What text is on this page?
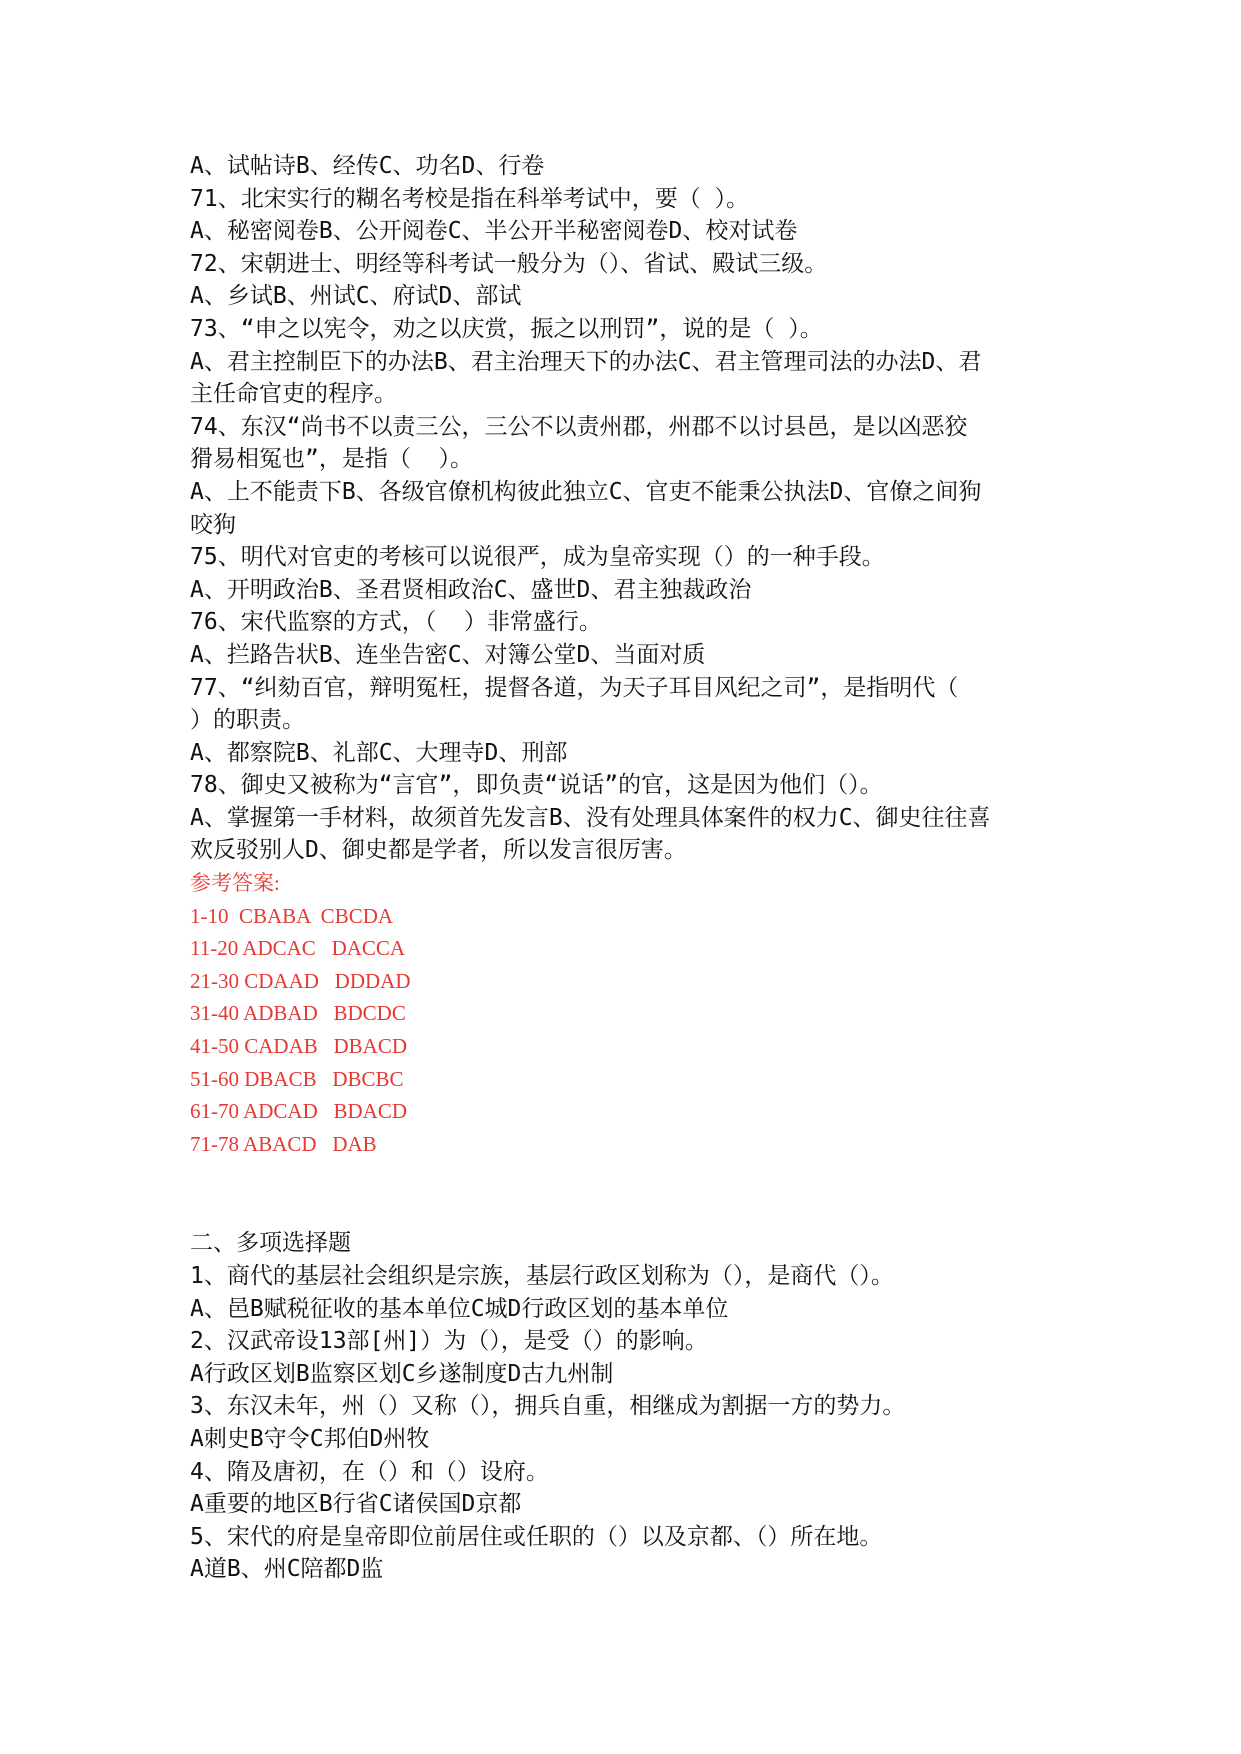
A、试帖诗B、经传C、功名D、行卷
71、北宋实行的糊名考校是指在科举考试中，要（ ）。
A、秘密阅卷B、公开阅卷C、半公开半秘密阅卷D、校对试卷
72、宋朝进士、明经等科考试一般分为（）、省试、殿试三级。
A、乡试B、州试C、府试D、部试
73、“申之以宪令，劝之以庆赏，振之以刑罚”，说的是（ ）。
A、君主控制臣下的办法B、君主治理天下的办法C、君主管理司法的办法D、君
主任命官吏的程序。
74、东汉“尚书不以责三公，三公不以责州郡，州郡不以讨县邑，是以凶恶狡
猾易相冤也”，是指（  ）。
A、上不能责下B、各级官僚机构彼此独立C、官吏不能秉公执法D、官僚之间狗
咬狗
75、明代对官吏的考核可以说很严，成为皇帝实现（）的一种手段。
A、开明政治B、圣君贤相政治C、盛世D、君主独裁政治
76、宋代监察的方式，（  ）非常盛行。
A、拦路告状B、连坐告密C、对簿公堂D、当面对质
77、“纠劾百官，辩明冤枉，提督各道，为天子耳目风纪之司”，是指明代（
）的职责。
A、都察院B、礼部C、大理寺D、刑部
78、御史又被称为“言官”，即负责“说话”的官，这是因为他们（）。
A、掌握第一手材料，故须首先发言B、没有处理具体案件的权力C、御史往往喜
欢反驳别人D、御史都是学者，所以发言很厉害。
参考答案:
1-10  CBABA  CBCDA
11-20 ADCAC   DACCA
21-30 CDAAD   DDDAD
31-40 ADBAD   BDCDC
41-50 CADAB   DBACD
51-60 DBACB   DBCBC
61-70 ADCAD   BDACD
71-78 ABACD   DAB
二、多项选择题
1、商代的基层社会组织是宗族，基层行政区划称为（），是商代（）。
A、邑B赋税征收的基本单位C城D行政区划的基本单位
2、汉武帝设13部[州]）为（），是受（）的影响。
A行政区划B监察区划C乡遂制度D古九州制
3、东汉未年，州（）又称（），拥兵自重，相继成为割据一方的势力。
A刺史B守令C邦伯D州牧
4、隋及唐初，在（）和（）设府。
A重要的地区B行省C诸侯国D京都
5、宋代的府是皇帝即位前居住或任职的（）以及京都、（）所在地。
A道B、州C陪都D监
